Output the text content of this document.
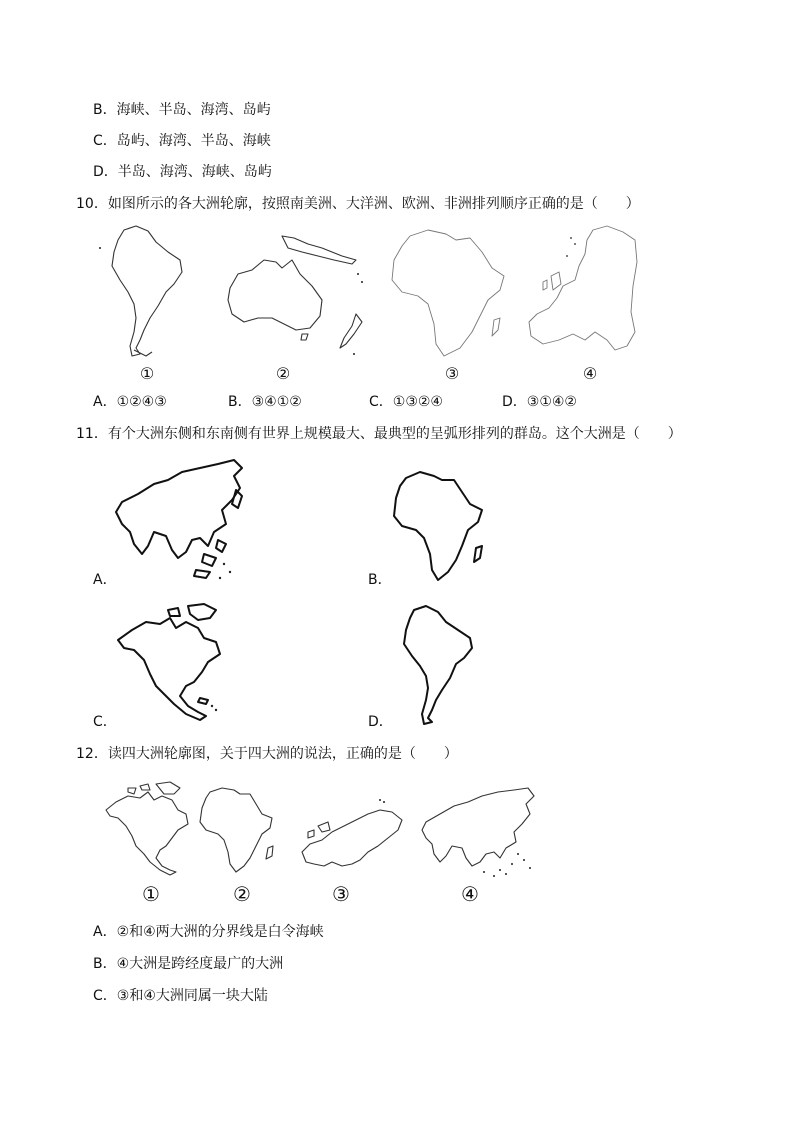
B．海峡、半岛、海湾、岛屿
C．岛屿、海湾、半岛、海峡
D．半岛、海湾、海峡、岛屿
10．如图所示的各大洲轮廓，按照南美洲、大洋洲、欧洲、非洲排列顺序正确的是（　　）
①	②	③	④
A．①②④③	B．③④①②	C．①③②④	D．③①④②
11．有个大洲东侧和东南侧有世界上规模最大、最典型的呈弧形排列的群岛。这个大洲是（　　）
A．	B．
C．	D．
12．读四大洲轮廓图，关于四大洲的说法，正确的是（　　）
①	②	③	④
A．②和④两大洲的分界线是白令海峡
B．④大洲是跨经度最广的大洲
C．③和④大洲同属一块大陆
